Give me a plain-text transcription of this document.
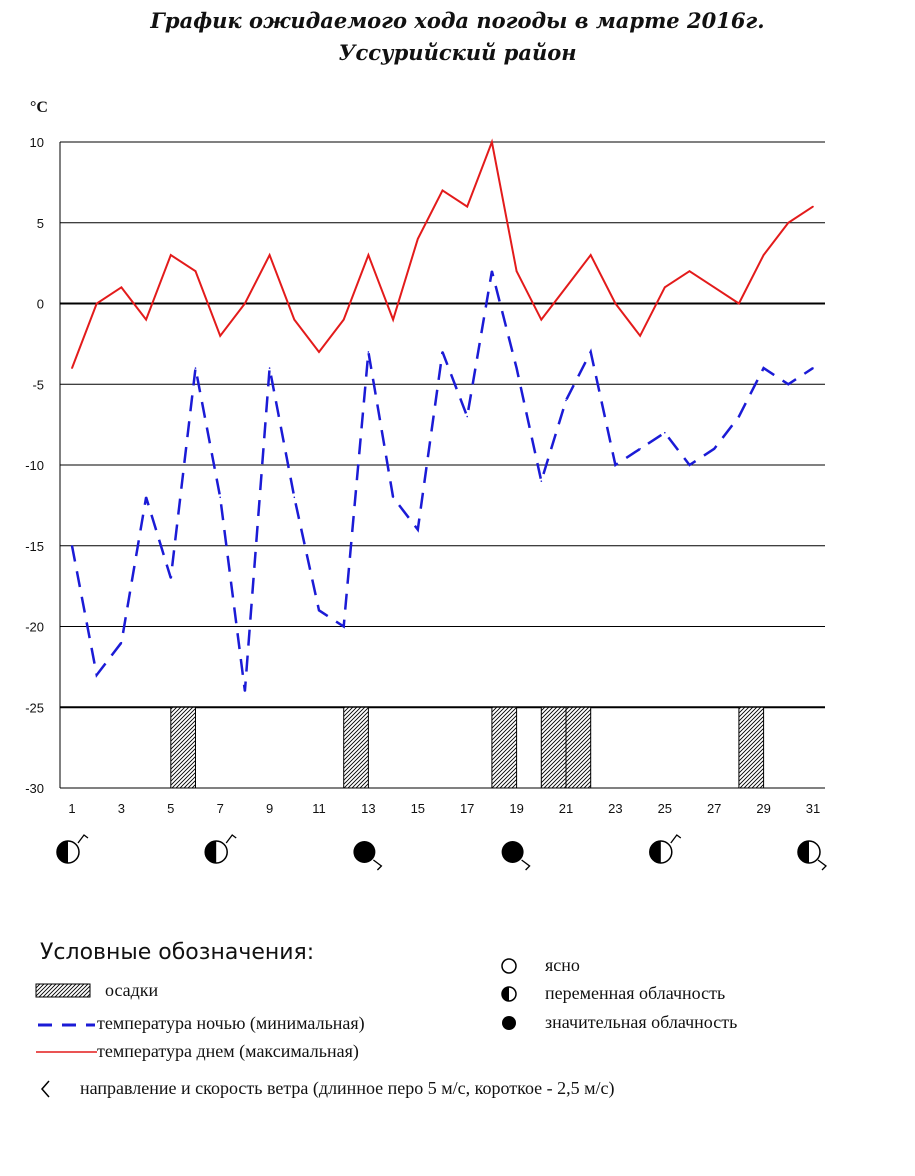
График ожидаемого хода погоды в марте 2016г.
Уссурийский район
°C
10
5
0
-5
-10
-15
-20
-25
-30
1	3	5	7	9	11	13	15	17	19	21	23	25	27	29	31
Условные обозначения:
осадки
температура ночью (минимальная)
температура днем (максимальная)
направление и скорость ветра (длинное перо 5 м/с, короткое - 2,5 м/с)
ясно
переменная облачность
значительная облачность
